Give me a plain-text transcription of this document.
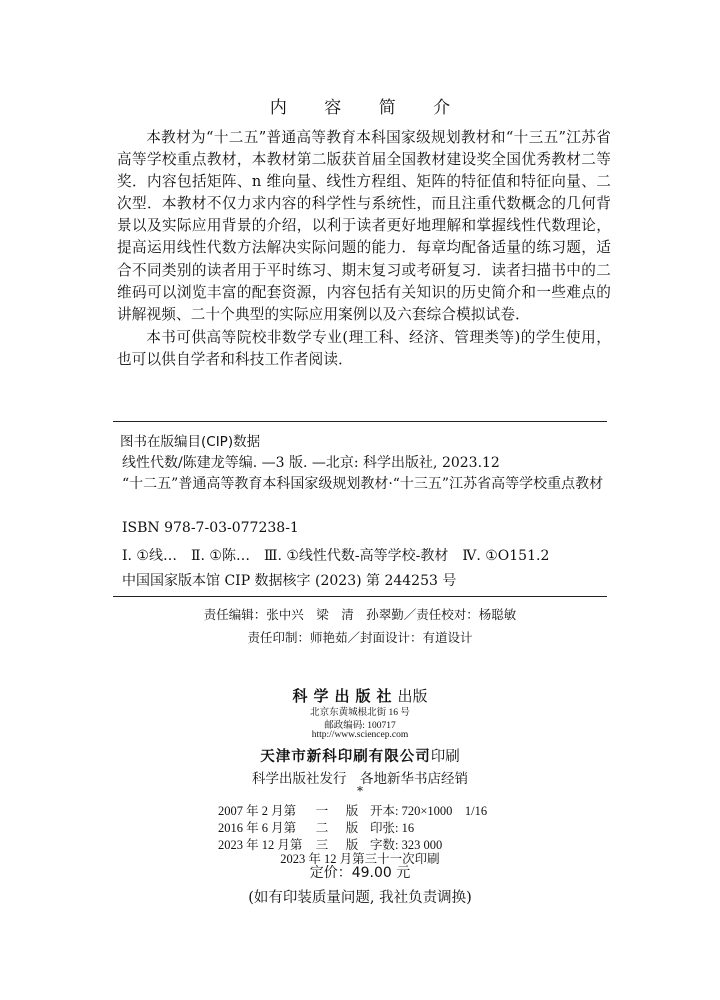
内 容 简 介

本教材为“十二五”普通高等教育本科国家级规划教材和“十三五”江苏省高等学校重点教材，本教材第二版获首届全国教材建设奖全国优秀教材二等奖．内容包括矩阵、n 维向量、线性方程组、矩阵的特征值和特征向量、二次型．本教材不仅力求内容的科学性与系统性，而且注重代数概念的几何背景以及实际应用背景的介绍，以利于读者更好地理解和掌握线性代数理论，提高运用线性代数方法解决实际问题的能力．每章均配备适量的练习题，适合不同类别的读者用于平时练习、期末复习或考研复习．读者扫描书中的二维码可以浏览丰富的配套资源，内容包括有关知识的历史简介和一些难点的讲解视频、二十个典型的实际应用案例以及六套综合模拟试卷．

本书可供高等院校非数学专业(理工科、经济、管理类等)的学生使用，也可以供自学者和科技工作者阅读．

图书在版编目(CIP)数据
线性代数/陈建龙等编. —3 版. —北京: 科学出版社, 2023.12
“十二五”普通高等教育本科国家级规划教材·“十三五”江苏省高等学校重点教材
ISBN 978-7-03-077238-1
Ⅰ. ①线…　Ⅱ. ①陈…　Ⅲ. ①线性代数-高等学校-教材　Ⅳ. ①O151.2
中国国家版本馆 CIP 数据核字 (2023) 第 244253 号
责任编辑：张中兴　梁　清　孙翠勤／责任校对：杨聪敏
责任印制：师艳茹／封面设计：有道设计
科学出版社出版
北京东黄城根北街 16 号
邮政编码: 100717
http://www.sciencep.com
天津市新科印刷有限公司印刷
科学出版社发行　各地新华书店经销
*
2007 年 2 月第 一 版 开本: 720×1000　1/16
2016 年 6 月第 二 版 印张: 16
2023 年 12 月第 三 版 字数: 323 000
2023 年 12 月第三十一次印刷
定价：49.00 元
(如有印装质量问题, 我社负责调换)
